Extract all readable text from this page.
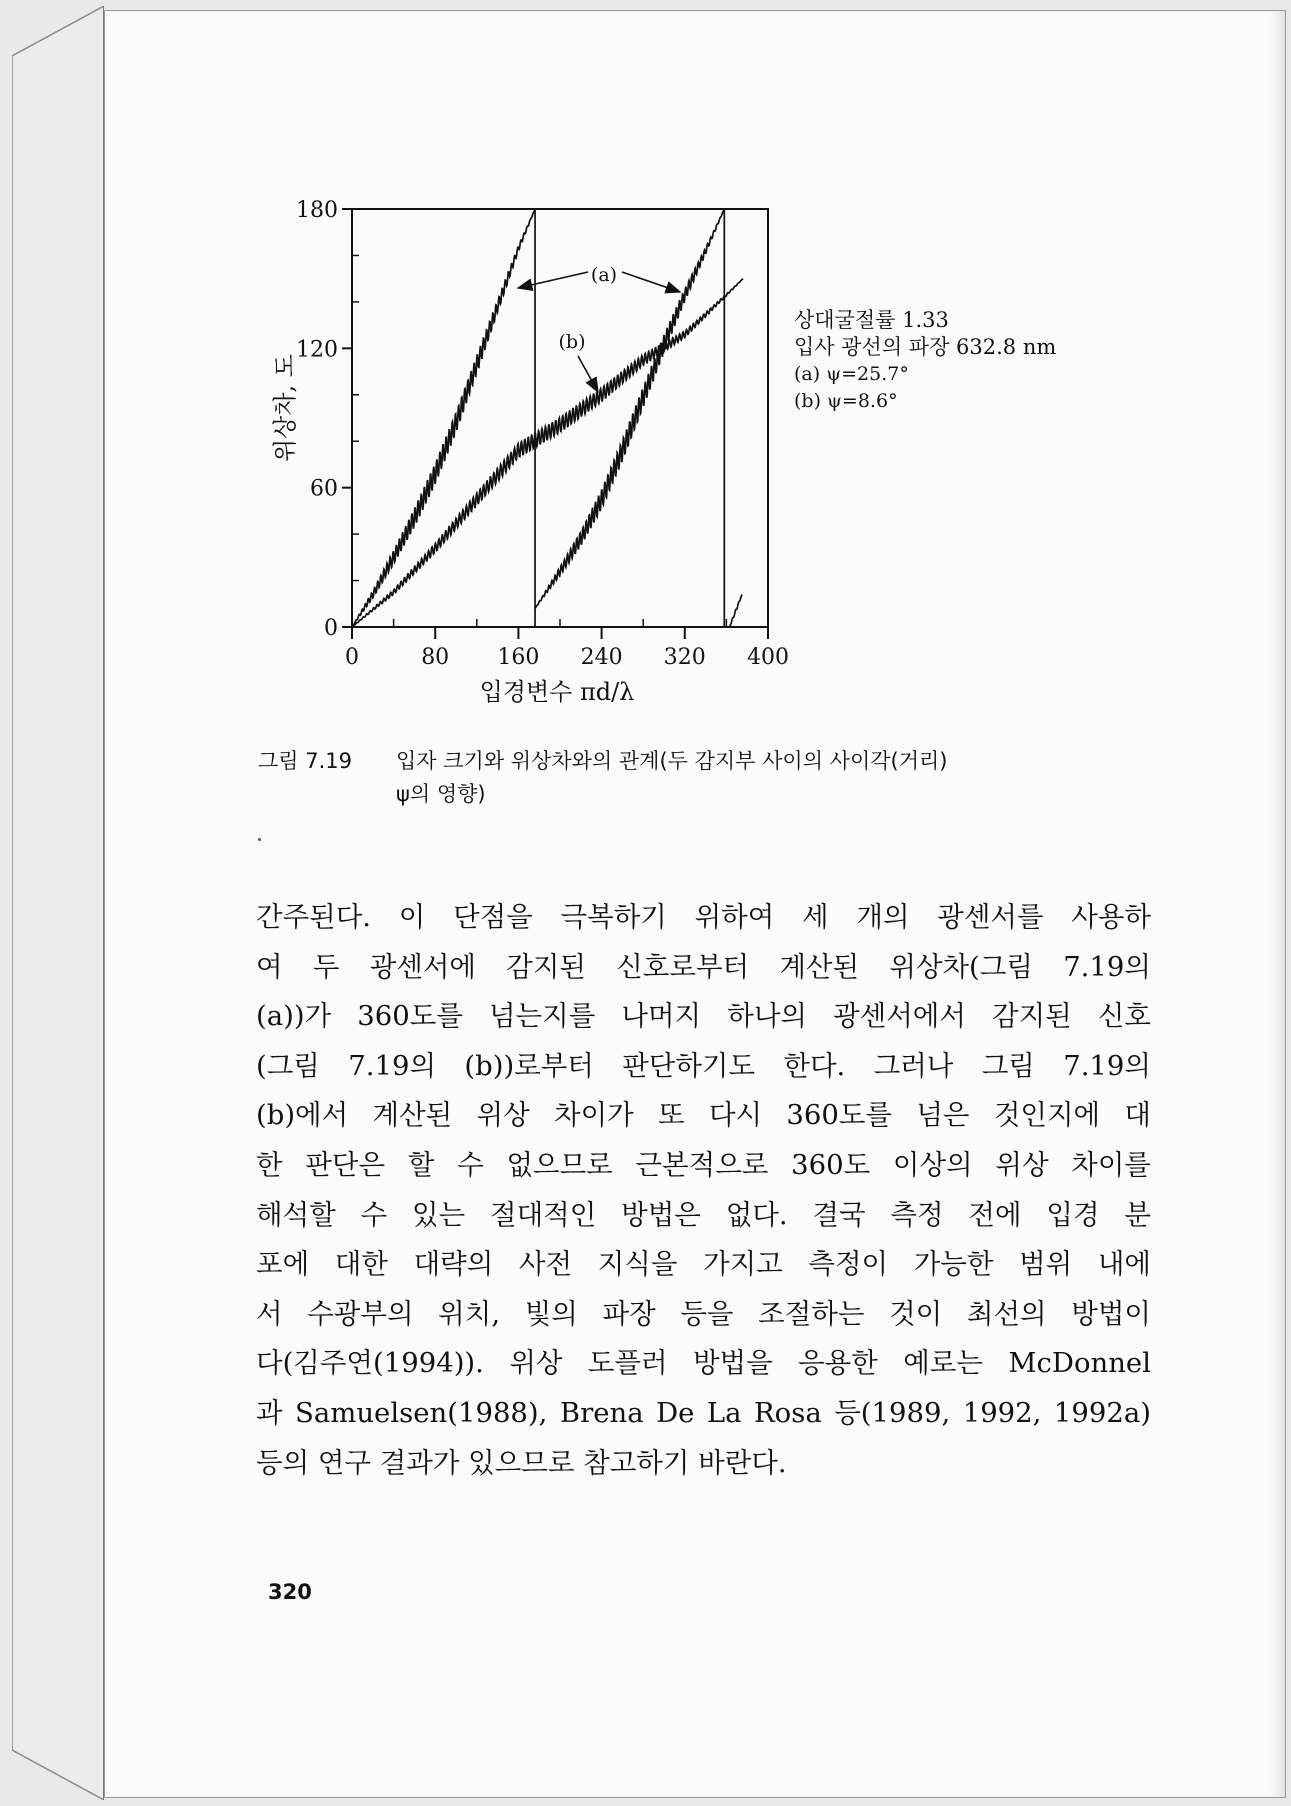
0	80 160 240 320 400
0
60
120
180
위상차, 도
입경변수 πd/λ
(a)
(b)
상대굴절률 1.33
입사 광선의 파장 632.8 nm
(a) ψ=25.7°
(b) ψ=8.6°
그림 7.19 입자 크기와 위상차와의 관계(두 감지부 사이의 사이각(거리)
ψ의 영향)
간주된다. 이 단점을 극복하기 위하여 세 개의 광센서를 사용하
여 두 광센서에 감지된 신호로부터 계산된 위상차(그림 7.19의
(a))가 360도를 넘는지를 나머지 하나의 광센서에서 감지된 신호
(그림 7.19의 (b))로부터 판단하기도 한다. 그러나 그림 7.19의
(b)에서 계산된 위상 차이가 또 다시 360도를 넘은 것인지에 대
한 판단은 할 수 없으므로 근본적으로 360도 이상의 위상 차이를
해석할 수 있는 절대적인 방법은 없다. 결국 측정 전에 입경 분
포에 대한 대략의 사전 지식을 가지고 측정이 가능한 범위 내에
서 수광부의 위치, 빛의 파장 등을 조절하는 것이 최선의 방법이
다(김주연(1994)). 위상 도플러 방법을 응용한 예로는 McDonnel
과 Samuelsen(1988), Brena De La Rosa 등(1989, 1992, 1992a)
등의 연구 결과가 있으므로 참고하기 바란다.
320
